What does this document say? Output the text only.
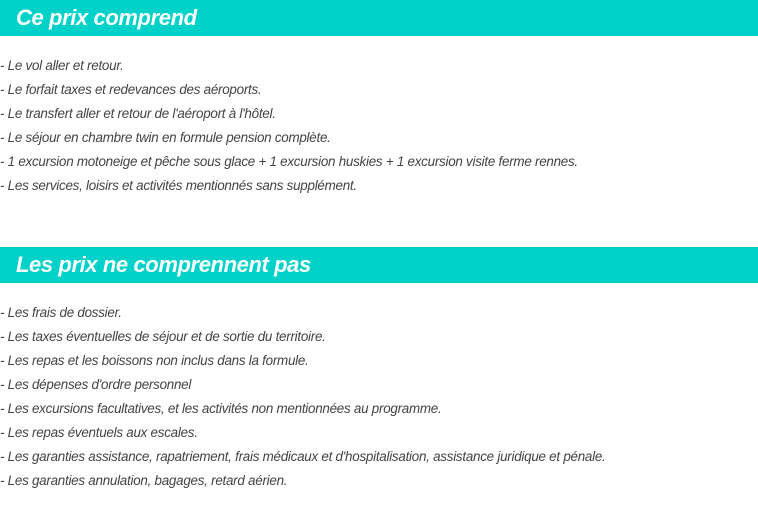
Ce prix comprend
- Le vol aller et retour.
- Le forfait taxes et redevances des aéroports.
- Le transfert aller et retour de l'aéroport à l'hôtel.
- Le séjour en chambre twin en formule pension complète.
- 1 excursion motoneige et pêche sous glace + 1 excursion huskies + 1 excursion visite ferme rennes.
- Les services, loisirs et activités mentionnés sans supplément.
Les prix ne comprennent pas
- Les frais de dossier.
- Les taxes éventuelles de séjour et de sortie du territoire.
- Les repas et les boissons non inclus dans la formule.
- Les dépenses d'ordre personnel
- Les excursions facultatives, et les activités non mentionnées au programme.
- Les repas éventuels aux escales.
- Les garanties assistance, rapatriement, frais médicaux et d'hospitalisation, assistance juridique et pénale.
- Les garanties annulation, bagages, retard aérien.
